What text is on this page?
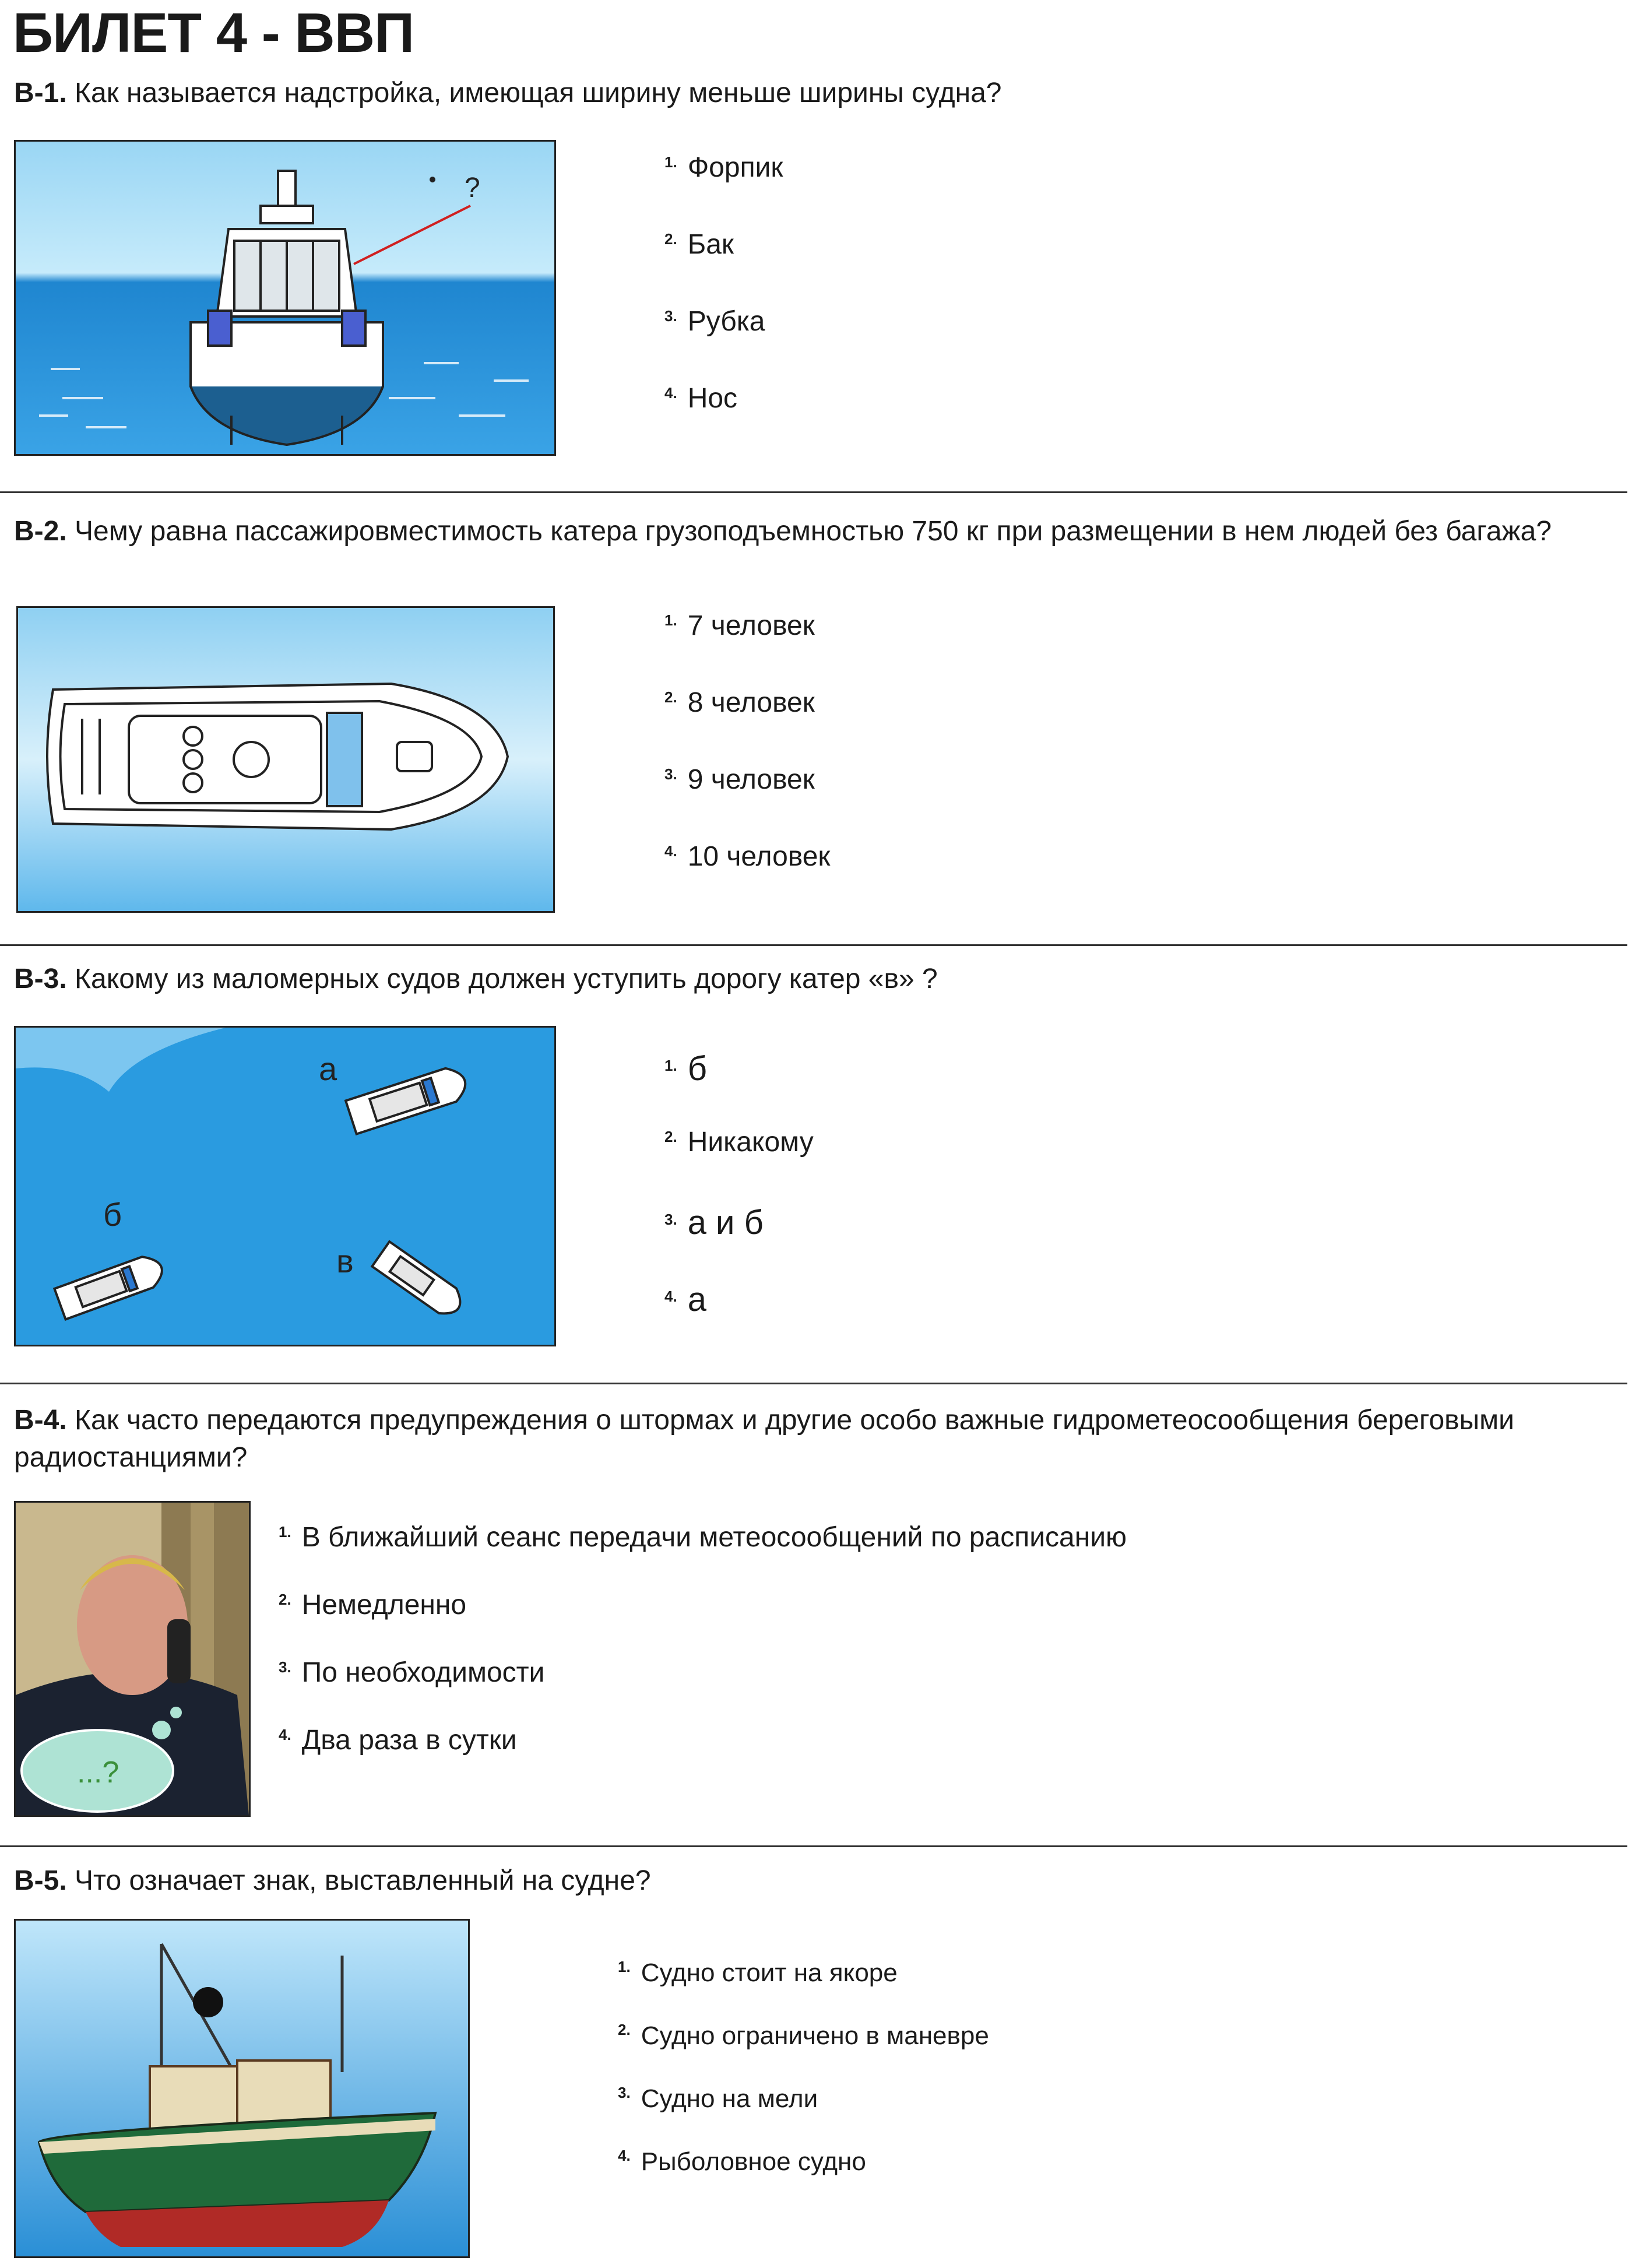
БИЛЕТ 4 - ВВП
В-1. Как называется надстройка, имеющая ширину меньше ширины судна?
?
1. Форпик
2. Бак
3. Рубка
4. Нос
В-2. Чему равна пассажировместимость катера грузоподъемностью 750 кг при размещении в нем людей без багажа?
1. 7 человек
2. 8 человек
3. 9 человек
4. 10 человек
В-3. Какому из маломерных судов должен уступить дорогу катер «в» ?
а
б
в
1. б
2. Никакому
3. а и б
4. а
В-4. Как часто передаются предупреждения о штормах и другие особо важные гидрометеосообщения береговыми радиостанциями?
...?
1. В ближайший сеанс передачи метеосообщений по расписанию
2. Немедленно
3. По необходимости
4. Два раза в сутки
В-5. Что означает знак, выставленный на судне?
1. Судно стоит на якоре
2. Судно ограничено в маневре
3. Судно на мели
4. Рыболовное судно
